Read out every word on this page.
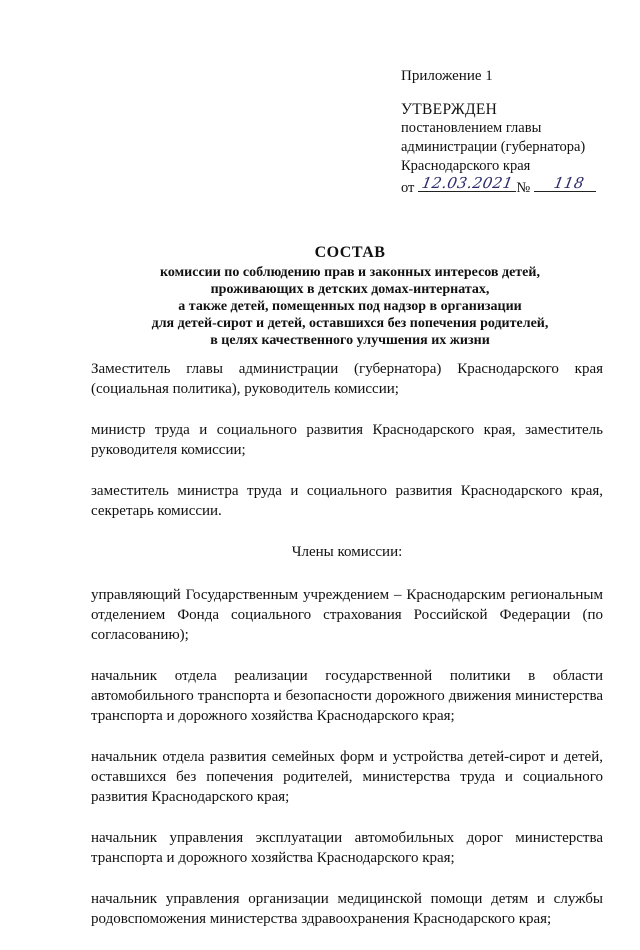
Приложение 1
УТВЕРЖДЕН
постановлением главы
администрации (губернатора)
Краснодарского края
от 12.03.2021 № 118
СОСТАВ
комиссии по соблюдению прав и законных интересов детей,
проживающих в детских домах-интернатах,
а также детей, помещенных под надзор в организации
для детей-сирот и детей, оставшихся без попечения родителей,
в целях качественного улучшения их жизни
Заместитель главы администрации (губернатора) Краснодарского края (социальная политика), руководитель комиссии;
министр труда и социального развития Краснодарского края, заместитель руководителя комиссии;
заместитель министра труда и социального развития Краснодарского края, секретарь комиссии.
Члены комиссии:
управляющий Государственным учреждением – Краснодарским региональным отделением Фонда социального страхования Российской Федерации (по согласованию);
начальник отдела реализации государственной политики в области автомобильного транспорта и безопасности дорожного движения министерства транспорта и дорожного хозяйства Краснодарского края;
начальник отдела развития семейных форм и устройства детей-сирот и детей, оставшихся без попечения родителей, министерства труда и социального развития Краснодарского края;
начальник управления эксплуатации автомобильных дорог министерства транспорта и дорожного хозяйства Краснодарского края;
начальник управления организации медицинской помощи детям и службы родовспоможения министерства здравоохранения Краснодарского края;
